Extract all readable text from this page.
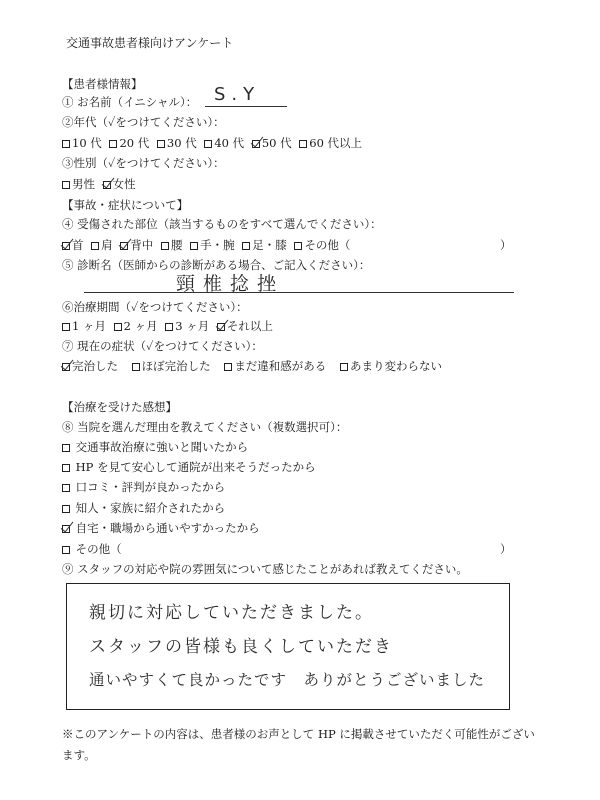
交通事故患者様向けアンケート
【患者様情報】
① お名前（イニシャル）： S.Y
②年代（✓をつけてください）：
10 代 20 代 30 代 40 代 50 代 60 代以上
③性別（✓をつけてください）：
男性 女性
【事故・症状について】
④ 受傷された部位（該当するものをすべて選んでください）：
首 肩 背中 腰 手・腕 足・膝 その他（	）
⑤ 診断名（医師からの診断がある場合、ご記入ください）：
頸椎捻挫
⑥治療期間（✓をつけてください）：
1 ヶ月 2 ヶ月 3 ヶ月 それ以上
⑦ 現在の症状（✓をつけてください）：
完治した ほぼ完治した まだ違和感がある あまり変わらない
【治療を受けた感想】
⑧ 当院を選んだ理由を教えてください（複数選択可）：
交通事故治療に強いと聞いたから
HP を見て安心して通院が出来そうだったから
口コミ・評判が良かったから
知人・家族に紹介されたから
自宅・職場から通いやすかったから
その他（	）
⑨ スタッフの対応や院の雰囲気について感じたことがあれば教えてください。
親切に対応していただきました。
スタッフの皆様も良くしていただき
通いやすくて良かったです　ありがとうございました
※このアンケートの内容は、患者様のお声として HP に掲載させていただく可能性がございます。
